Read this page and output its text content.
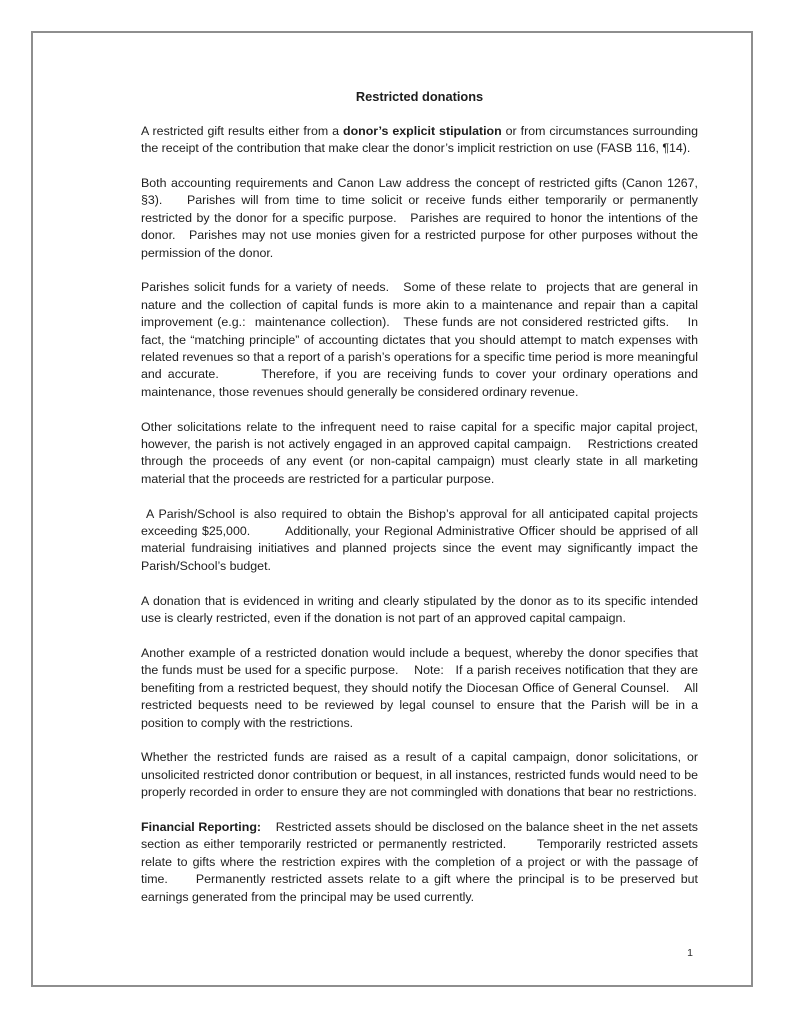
Restricted donations

A restricted gift results either from a donor’s explicit stipulation or from circumstances surrounding the receipt of the contribution that make clear the donor’s implicit restriction on use (FASB 116, ¶14).

Both accounting requirements and Canon Law address the concept of restricted gifts (Canon 1267, §3).    Parishes will from time to time solicit or receive funds either temporarily or permanently restricted by the donor for a specific purpose.   Parishes are required to honor the intentions of the donor.   Parishes may not use monies given for a restricted purpose for other purposes without the permission of the donor.

Parishes solicit funds for a variety of needs.   Some of these relate to  projects that are general in nature and the collection of capital funds is more akin to a maintenance and repair than a capital improvement (e.g.:  maintenance collection).   These funds are not considered restricted gifts.    In fact, the “matching principle” of accounting dictates that you should attempt to match expenses with related revenues so that a report of a parish’s operations for a specific time period is more meaningful and accurate.       Therefore, if you are receiving funds to cover your ordinary operations and maintenance, those revenues should generally be considered ordinary revenue.

Other solicitations relate to the infrequent need to raise capital for a specific major capital project, however, the parish is not actively engaged in an approved capital campaign.    Restrictions created through the proceeds of any event (or non-capital campaign) must clearly state in all marketing material that the proceeds are restricted for a particular purpose.

A Parish/School is also required to obtain the Bishop’s approval for all anticipated capital projects exceeding $25,000.        Additionally, your Regional Administrative Officer should be apprised of all material fundraising initiatives and planned projects since the event may significantly impact the Parish/School’s budget.

A donation that is evidenced in writing and clearly stipulated by the donor as to its specific intended use is clearly restricted, even if the donation is not part of an approved capital campaign.

Another example of a restricted donation would include a bequest, whereby the donor specifies that the funds must be used for a specific purpose.    Note:   If a parish receives notification that they are benefiting from a restricted bequest, they should notify the Diocesan Office of General Counsel.    All restricted bequests need to be reviewed by legal counsel to ensure that the Parish will be in a position to comply with the restrictions.

Whether the restricted funds are raised as a result of a capital campaign, donor solicitations, or unsolicited restricted donor contribution or bequest, in all instances, restricted funds would need to be properly recorded in order to ensure they are not commingled with donations that bear no restrictions.

Financial Reporting:    Restricted assets should be disclosed on the balance sheet in the net assets section as either temporarily restricted or permanently restricted.      Temporarily restricted assets relate to gifts where the restriction expires with the completion of a project or with the passage of time.     Permanently restricted assets relate to a gift where the principal is to be preserved but earnings generated from the principal may be used currently.

1
